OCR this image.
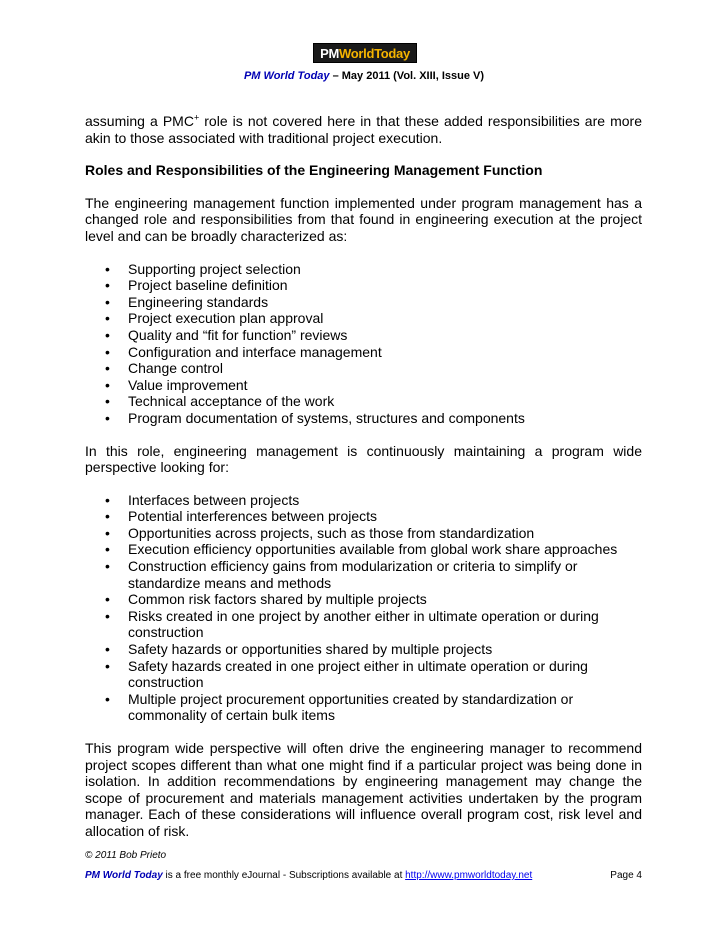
PM WorldToday
PM World Today – May 2011 (Vol. XIII, Issue V)

assuming a PMC+ role is not covered here in that these added responsibilities are more akin to those associated with traditional project execution.

Roles and Responsibilities of the Engineering Management Function

The engineering management function implemented under program management has a changed role and responsibilities from that found in engineering execution at the project level and can be broadly characterized as:

• Supporting project selection
• Project baseline definition
• Engineering standards
• Project execution plan approval
• Quality and “fit for function” reviews
• Configuration and interface management
• Change control
• Value improvement
• Technical acceptance of the work
• Program documentation of systems, structures and components

In this role, engineering management is continuously maintaining a program wide perspective looking for:

• Interfaces between projects
• Potential interferences between projects
• Opportunities across projects, such as those from standardization
• Execution efficiency opportunities available from global work share approaches
• Construction efficiency gains from modularization or criteria to simplify or standardize means and methods
• Common risk factors shared by multiple projects
• Risks created in one project by another either in ultimate operation or during construction
• Safety hazards or opportunities shared by multiple projects
• Safety hazards created in one project either in ultimate operation or during construction
• Multiple project procurement opportunities created by standardization or commonality of certain bulk items

This program wide perspective will often drive the engineering manager to recommend project scopes different than what one might find if a particular project was being done in isolation. In addition recommendations by engineering management may change the scope of procurement and materials management activities undertaken by the program manager. Each of these considerations will influence overall program cost, risk level and allocation of risk.

© 2011 Bob Prieto
PM World Today is a free monthly eJournal - Subscriptions available at http://www.pmworldtoday.net	Page 4
